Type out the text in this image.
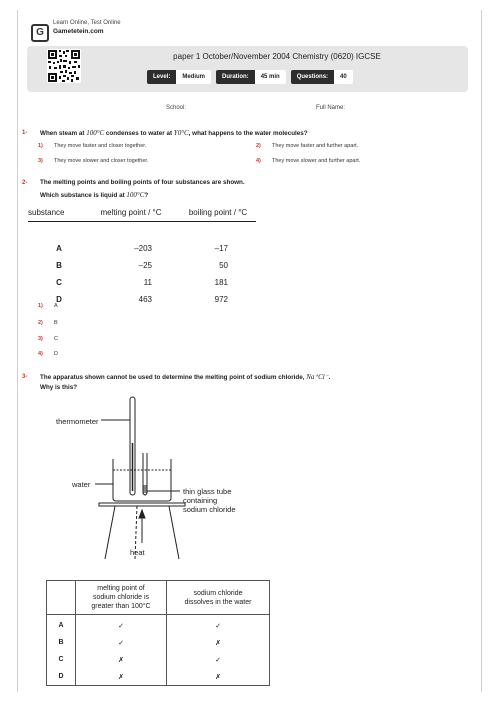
G
Learn Online, Test Online
Gametetein.com
paper 1 October/November 2004 Chemistry (0620) IGCSE
Level:	Medium	Duration:	45 min	Questions:	40
School:	Full Name:
1- When steam at 100°C condenses to water at Y0°C, what happens to the water molecules?
1) They move faster and closer together.	2) They move faster and further apart.
3) They move slower and closer together.	4) They move slower and further apart.
2- The melting points and boiling points of four substances are shown.
Which substance is liquid at 100°C?
substance	melting point / °C	boiling point / °C

A	–203	–17
B	–25	50
C	11	181
D	463	972
1) A
2) B
3) C
4) D
3- The apparatus shown cannot be used to determine the melting point of sodium chloride, Na⁺Cl⁻.
Why is this?
thermometer
water
thin glass tube
containing
sodium chloride
heat
	melting point of
sodium chloride is
greater than 100°C	sodium chloride
dissolves in the water
A	✓	✓
B	✓	✗
C	✗	✓
D	✗	✗
